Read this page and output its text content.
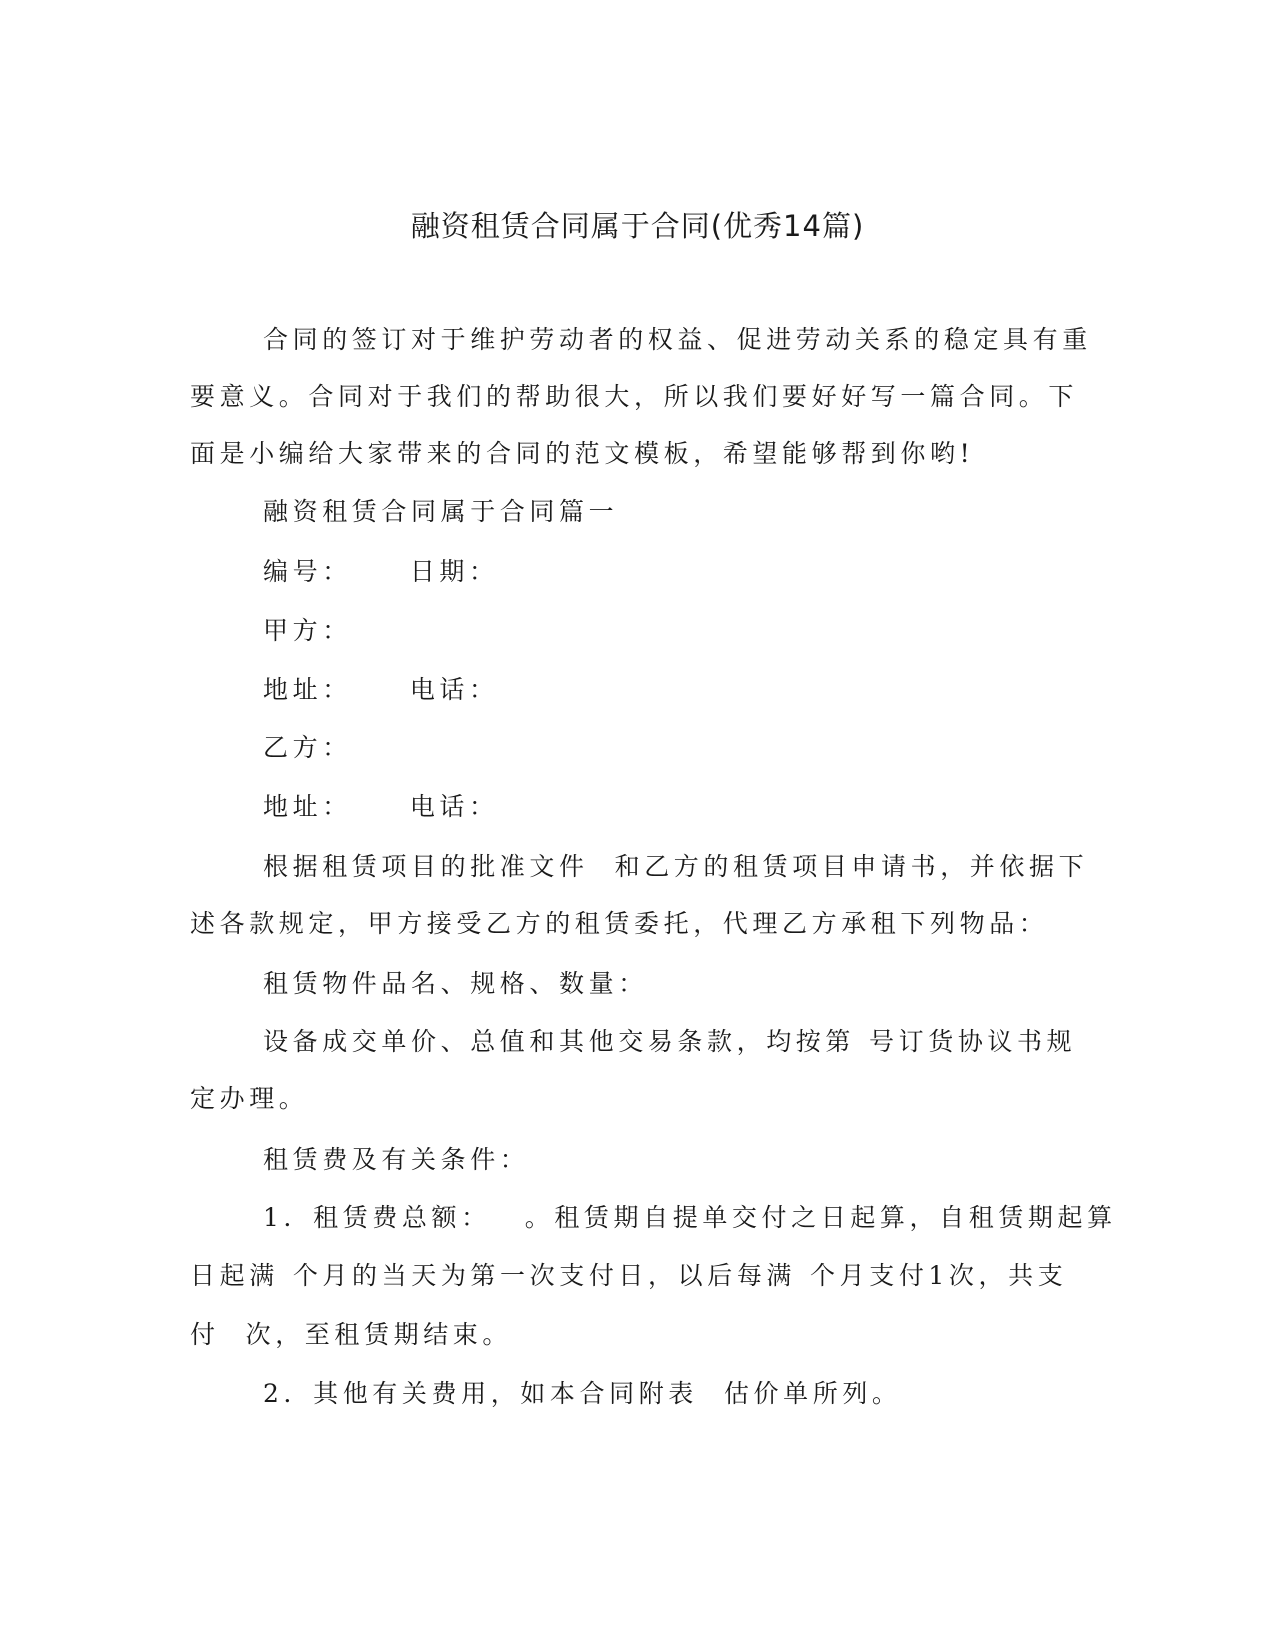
融资租赁合同属于合同(优秀14篇)
合同的签订对于维护劳动者的权益、促进劳动关系的稳定具有重
要意义。合同对于我们的帮助很大，所以我们要好好写一篇合同。下
面是小编给大家带来的合同的范文模板，希望能够帮到你哟!
融资租赁合同属于合同篇一
编号： 日期：
甲方：
地址： 电话：
乙方：
地址： 电话：
根据租赁项目的批准文件 和乙方的租赁项目申请书，并依据下
述各款规定，甲方接受乙方的租赁委托，代理乙方承租下列物品：
租赁物件品名、规格、数量：
设备成交单价、总值和其他交易条款，均按第 号订货协议书规
定办理。
租赁费及有关条件：
1．租赁费总额： 。租赁期自提单交付之日起算，自租赁期起算
日起满 个月的当天为第一次支付日，以后每满 个月支付1次，共支
付 次，至租赁期结束。
2．其他有关费用，如本合同附表 估价单所列。
